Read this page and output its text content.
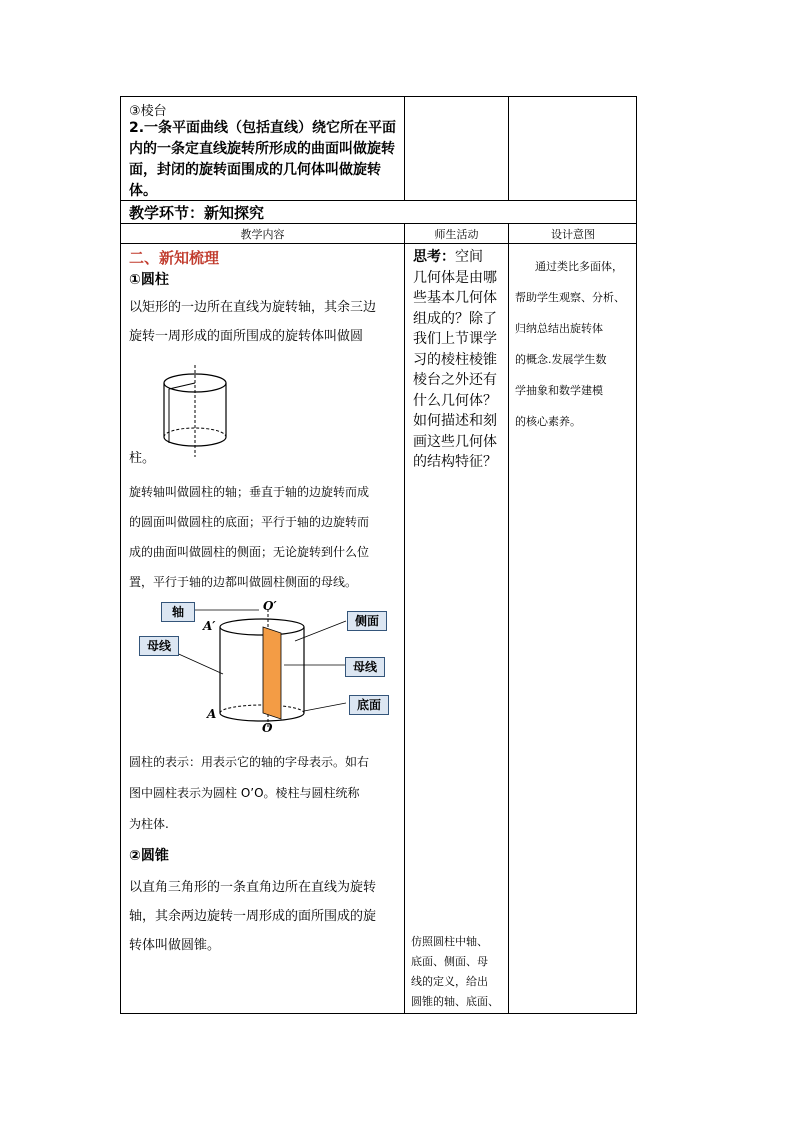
③棱台
2.一条平面曲线（包括直线）绕它所在平面
内的一条定直线旋转所形成的曲面叫做旋转
面，封闭的旋转面围成的几何体叫做旋转
体。
教学环节：新知探究
教学内容	师生活动	设计意图
二、新知梳理
①圆柱
以矩形的一边所在直线为旋转轴，其余三边
旋转一周形成的面所围成的旋转体叫做圆
柱。
旋转轴叫做圆柱的轴；垂直于轴的边旋转而成
的圆面叫做圆柱的底面；平行于轴的边旋转而
成的曲面叫做圆柱的侧面；无论旋转到什么位
置，平行于轴的边都叫做圆柱侧面的母线。
轴
侧面
母线
母线
底面
O′
A′
A
O
圆柱的表示：用表示它的轴的字母表示。如右
图中圆柱表示为圆柱 O’O。棱柱与圆柱统称
为柱体.
②圆锥
以直角三角形的一条直角边所在直线为旋转
轴，其余两边旋转一周形成的面所围成的旋
转体叫做圆锥。
思考：空间
几何体是由哪
些基本几何体
组成的？除了
我们上节课学
习的棱柱棱锥
棱台之外还有
什么几何体？
如何描述和刻
画这些几何体
的结构特征？
仿照圆柱中轴、
底面、侧面、母
线的定义，给出
圆锥的轴、底面、
通过类比多面体，
帮助学生观察、分析、
归纳总结出旋转体
的概念.发展学生数
学抽象和数学建模
的核心素养。
